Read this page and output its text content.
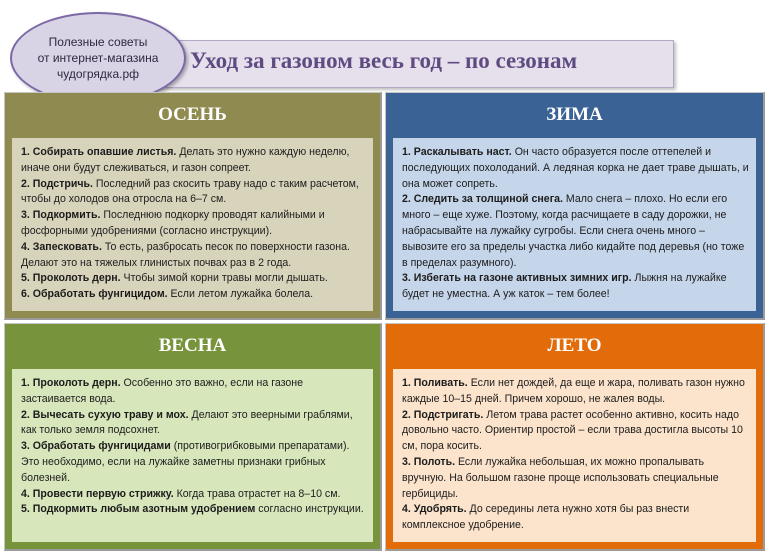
Уход за газоном весь год – по сезонам
Полезные советы
от интернет-магазина
чудогрядка.рф
ОСЕНЬ

1. Собирать опавшие листья. Делать это нужно каждую неделю, иначе они будут слеживаться, и газон сопреет.

2. Подстричь. Последний раз скосить траву надо с таким расчетом, чтобы до холодов она отросла на 6–7 см.

3. Подкормить. Последнюю подкорку проводят калийными и фосфорными удобрениями (согласно инструкции).

4. Запесковать. То есть, разбросать песок по поверхности газона. Делают это на тяжелых глинистых почвах раз в 2 года.

5. Проколоть дерн. Чтобы зимой корни травы могли дышать.

6. Обработать фунгицидом. Если летом лужайка болела.

ЗИМА

1. Раскалывать наст. Он часто образуется после оттепелей и последующих похолоданий. А ледяная корка не дает траве дышать, и она может сопреть.

2. Следить за толщиной снега. Мало снега – плохо. Но если его много – еще хуже. Поэтому, когда расчищаете в саду дорожки, не набрасывайте на лужайку сугробы. Если снега очень много – вывозите его за пределы участка либо кидайте под деревья (но тоже в пределах разумного).

3. Избегать на газоне активных зимних игр. Лыжня на лужайке будет не уместна. А уж каток – тем более!

ВЕСНА

1. Проколоть дерн. Особенно это важно, если на газоне застаивается вода.

2. Вычесать сухую траву и мох. Делают это веерными граблями, как только земля подсохнет.

3. Обработать фунгицидами (противогрибковыми препаратами). Это необходимо, если на лужайке заметны признаки грибных болезней.

4. Провести первую стрижку. Когда трава отрастет на 8–10 см.

5. Подкормить любым азотным удобрением согласно инструкции.

ЛЕТО

1. Поливать. Если нет дождей, да еще и жара, поливать газон нужно каждые 10–15 дней. Причем хорошо, не жалея воды.

2. Подстригать. Летом трава растет особенно активно, косить надо довольно часто. Ориентир простой – если трава достигла высоты 10 см, пора косить.

3. Полоть. Если лужайка небольшая, их можно пропалывать вручную. На большом газоне проще использовать специальные гербициды.

4. Удобрять. До середины лета нужно хотя бы раз внести комплексное удобрение.
